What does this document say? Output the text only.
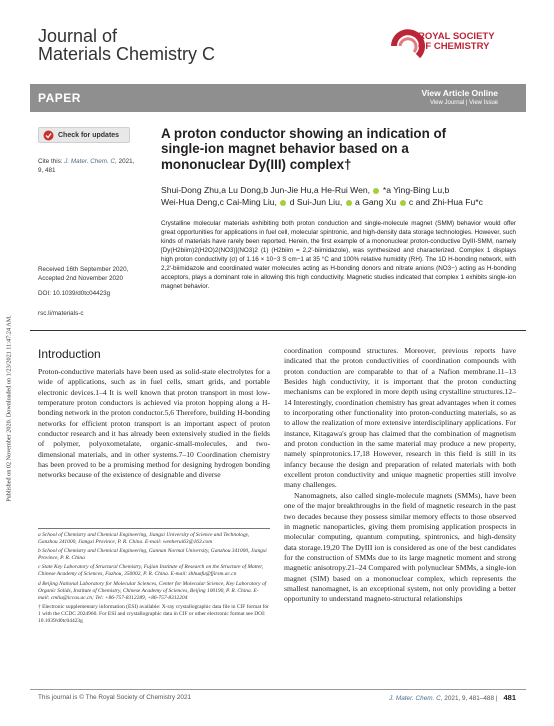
Published on 02 November 2020. Downloaded on 1/23/2021 11:47:24 AM.
Journal of
Materials Chemistry C
ROYAL SOCIETY
OF CHEMISTRY
PAPER	View Article Online
View Journal | View Issue
Check for updates
Cite this: J. Mater. Chem. C, 2021,
9, 481
A proton conductor showing an indication of single-ion magnet behavior based on a mononuclear Dy(III) complex†
Shui-Dong Zhu,a Lu Dong,b Jun-Jie Hu,a He-Rui Wen, *a Ying-Bing Lu,b
Wei-Hua Deng,c Cai-Ming Liu, d Sui-Jun Liu, a Gang Xu c and Zhi-Hua Fu*c
Crystalline molecular materials exhibiting both proton conduction and single-molecule magnet (SMM) behavior would offer great opportunities for applications in fuel cell, molecular spintronic, and high-density data storage technologies. However, such kinds of materials have rarely been reported. Herein, the first example of a mononuclear proton-conductive DyIII-SMM, namely [Dy(H2biim)2(H2O)2(NO3)](NO3)2 (1) (H2biim = 2,2′-biimidazole), was synthesized and characterized. Complex 1 displays high proton conductivity (σ) of 1.16 × 10−3 S cm−1 at 35 °C and 100% relative humidity (RH). The 1D H-bonding network, with 2,2′-biimidazole and coordinated water molecules acting as H-bonding donors and nitrate anions (NO3−) acting as H-bonding acceptors, plays a dominant role in allowing this high conductivity. Magnetic studies indicated that complex 1 exhibits single-ion magnet behavior.
Received 16th September 2020,
Accepted 2nd November 2020
DOI: 10.1039/d0tc04423g
rsc.li/materials-c
Introduction

Proton-conductive materials have been used as solid-state electrolytes for a wide of applications, such as in fuel cells, smart grids, and portable electronic devices.1–4 It is well known that proton transport in most low-temperature proton conductors is achieved via proton hopping along a H-bonding network in the proton conductor.5,6 Therefore, building H-bonding networks for efficient proton transport is an important aspect of proton conductor research and it has already been extensively studied in the fields of polymer, polyoxometalate, organic-small-molecules, and two-dimensional materials, and in other systems.7–10 Coordination chemistry has been proved to be a promising method for designing hydrogen bonding networks because of the existence of designable and diverse

coordination compound structures. Moreover, previous reports have indicated that the proton conductivities of coordination compounds with proton conduction are comparable to that of a Nafion membrane.11–13 Besides high conductivity, it is important that the proton conducting mechanisms can be explored in more depth using crystalline structures.12–14 Interestingly, coordination chemistry has great advantages when it comes to incorporating other functionality into proton-conducting materials, so as to allow the realization of more extensive interdisciplinary applications. For instance, Kitagawa's group has claimed that the combination of magnetism and proton conduction in the same material may produce a new property, namely spinprotonics.17,18 However, research in this field is still in its infancy because the design and preparation of related materials with both excellent proton conductivity and unique magnetic properties still involve many challenges.

Nanomagnets, also called single-molecule magnets (SMMs), have been one of the major breakthroughs in the field of magnetic research in the past two decades because they possess similar memory effects to those observed in magnetic nanoparticles, giving them promising application prospects in molecular computing, quantum computing, spintronics, and high-density data storage.19,20 The DyIII ion is considered as one of the best candidates for the construction of SMMs due to its large magnetic moment and strong magnetic anisotropy.21–24 Compared with polynuclear SMMs, a single-ion magnet (SIM) based on a mononuclear complex, which represents the smallest nanomagnet, is an exceptional system, not only providing a better opportunity to understand magneto-structural relationships

a School of Chemistry and Chemical Engineering, Jiangxi University of Science and Technology, Ganzhou 341000, Jiangxi Province, P. R. China. E-mail: wenherui63@163.com

b School of Chemistry and Chemical Engineering, Gannan Normal University, Ganzhou 341000, Jiangxi Province, P. R. China

c State Key Laboratory of Structural Chemistry, Fujian Institute of Research on the Structure of Matter, Chinese Academy of Sciences, Fuzhou, 350002, P. R. China. E-mail: zhhuafu@fjirsm.ac.cn

d Beijing National Laboratory for Molecular Sciences, Center for Molecular Science, Key Laboratory of Organic Solids, Institute of Chemistry, Chinese Academy of Sciences, Beijing 100190, P. R. China. E-mail: cmliu@iccas.ac.cn; Tel: +86-757-8312289, +86-757-8312204

† Electronic supplementary information (ESI) available: X-ray crystallographic data file in CIF format for 1 with the CCDC 2024960. For ESI and crystallographic data in CIF or other electronic format see DOI: 10.1039/d0tc04423g

This journal is © The Royal Society of Chemistry 2021	J. Mater. Chem. C, 2021, 9, 481–488 | 481
